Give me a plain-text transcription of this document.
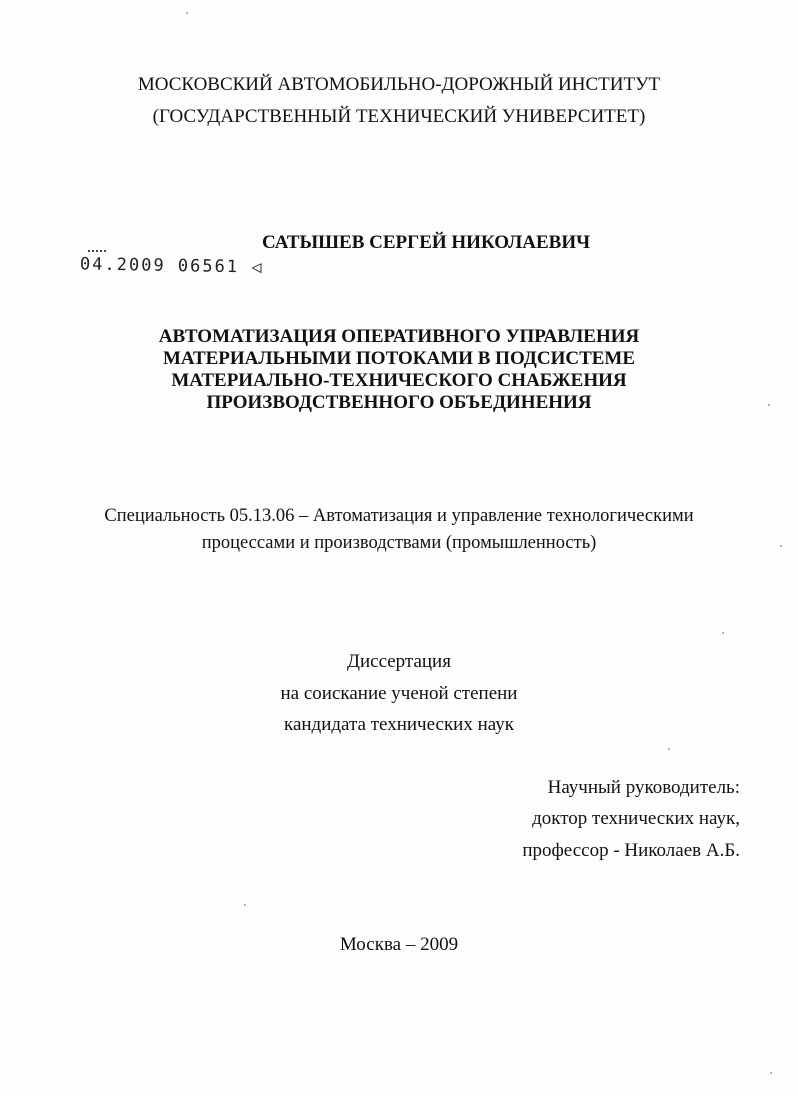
МОСКОВСКИЙ АВТОМОБИЛЬНО-ДОРОЖНЫЙ ИНСТИТУТ
(ГОСУДАРСТВЕННЫЙ ТЕХНИЧЕСКИЙ УНИВЕРСИТЕТ)
04.2009 06561 ◁
САТЫШЕВ СЕРГЕЙ НИКОЛАЕВИЧ
АВТОМАТИЗАЦИЯ ОПЕРАТИВНОГО УПРАВЛЕНИЯ
МАТЕРИАЛЬНЫМИ ПОТОКАМИ В ПОДСИСТЕМЕ
МАТЕРИАЛЬНО-ТЕХНИЧЕСКОГО СНАБЖЕНИЯ
ПРОИЗВОДСТВЕННОГО ОБЪЕДИНЕНИЯ
Специальность 05.13.06 – Автоматизация и управление технологическими
процессами и производствами (промышленность)
Диссертация
на соискание ученой степени
кандидата технических наук
Научный руководитель:
доктор технических наук,
профессор - Николаев А.Б.
Москва – 2009
